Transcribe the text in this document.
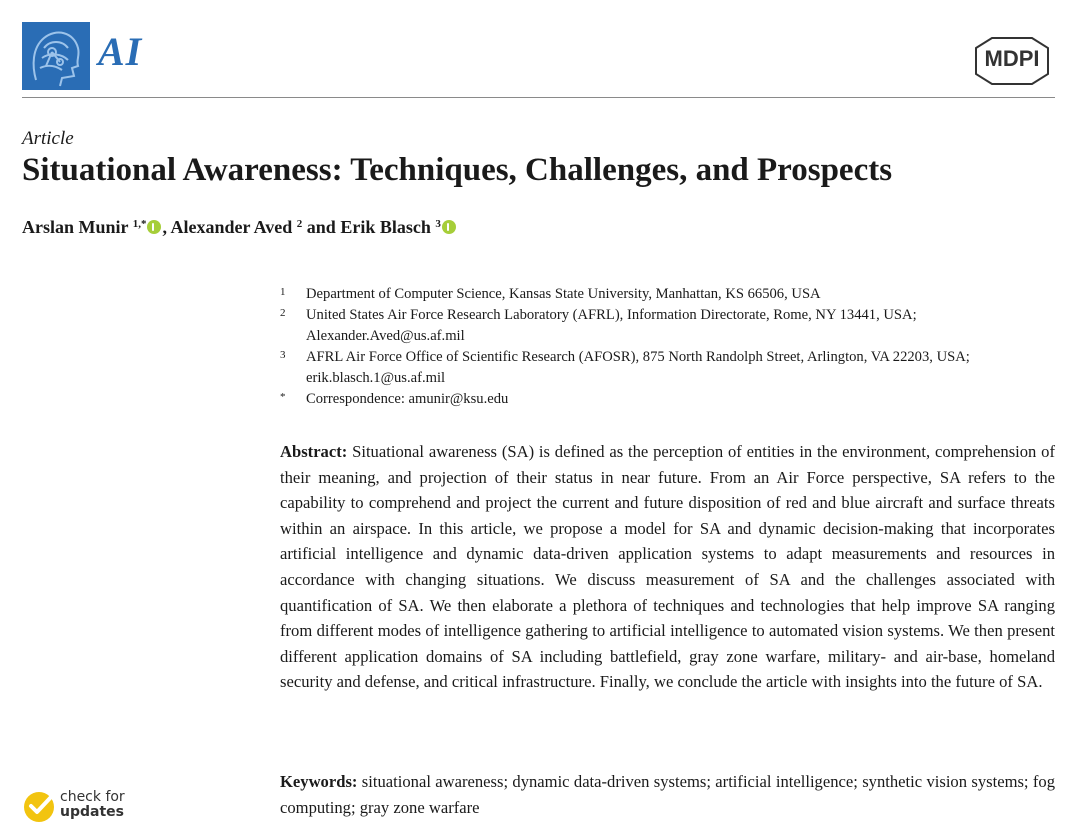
AI	MDPI
Article
Situational Awareness: Techniques, Challenges, and Prospects
Arslan Munir $^{1,*}$ , Alexander Aved $^2$ and Erik Blasch $^3$
1	Department of Computer Science, Kansas State University, Manhattan, KS 66506, USA
2	United States Air Force Research Laboratory (AFRL), Information Directorate, Rome, NY 13441, USA; Alexander.Aved@us.af.mil
3	AFRL Air Force Office of Scientific Research (AFOSR), 875 North Randolph Street, Arlington, VA 22203, USA; erik.blasch.1@us.af.mil
*	Correspondence: amunir@ksu.edu

Abstract: Situational awareness (SA) is defined as the perception of entities in the environment, comprehension of their meaning, and projection of their status in near future. From an Air Force perspective, SA refers to the capability to comprehend and project the current and future disposition of red and blue aircraft and surface threats within an airspace. In this article, we propose a model for SA and dynamic decision-making that incorporates artificial intelligence and dynamic data-driven application systems to adapt measurements and resources in accordance with changing situations. We discuss measurement of SA and the challenges associated with quantification of SA. We then elaborate a plethora of techniques and technologies that help improve SA ranging from different modes of intelligence gathering to artificial intelligence to automated vision systems. We then present different application domains of SA including battlefield, gray zone warfare, military- and air-base, homeland security and defense, and critical infrastructure. Finally, we conclude the article with insights into the future of SA.

Keywords: situational awareness; dynamic data-driven systems; artificial intelligence; synthetic vision systems; fog computing; gray zone warfare

check for
updates
